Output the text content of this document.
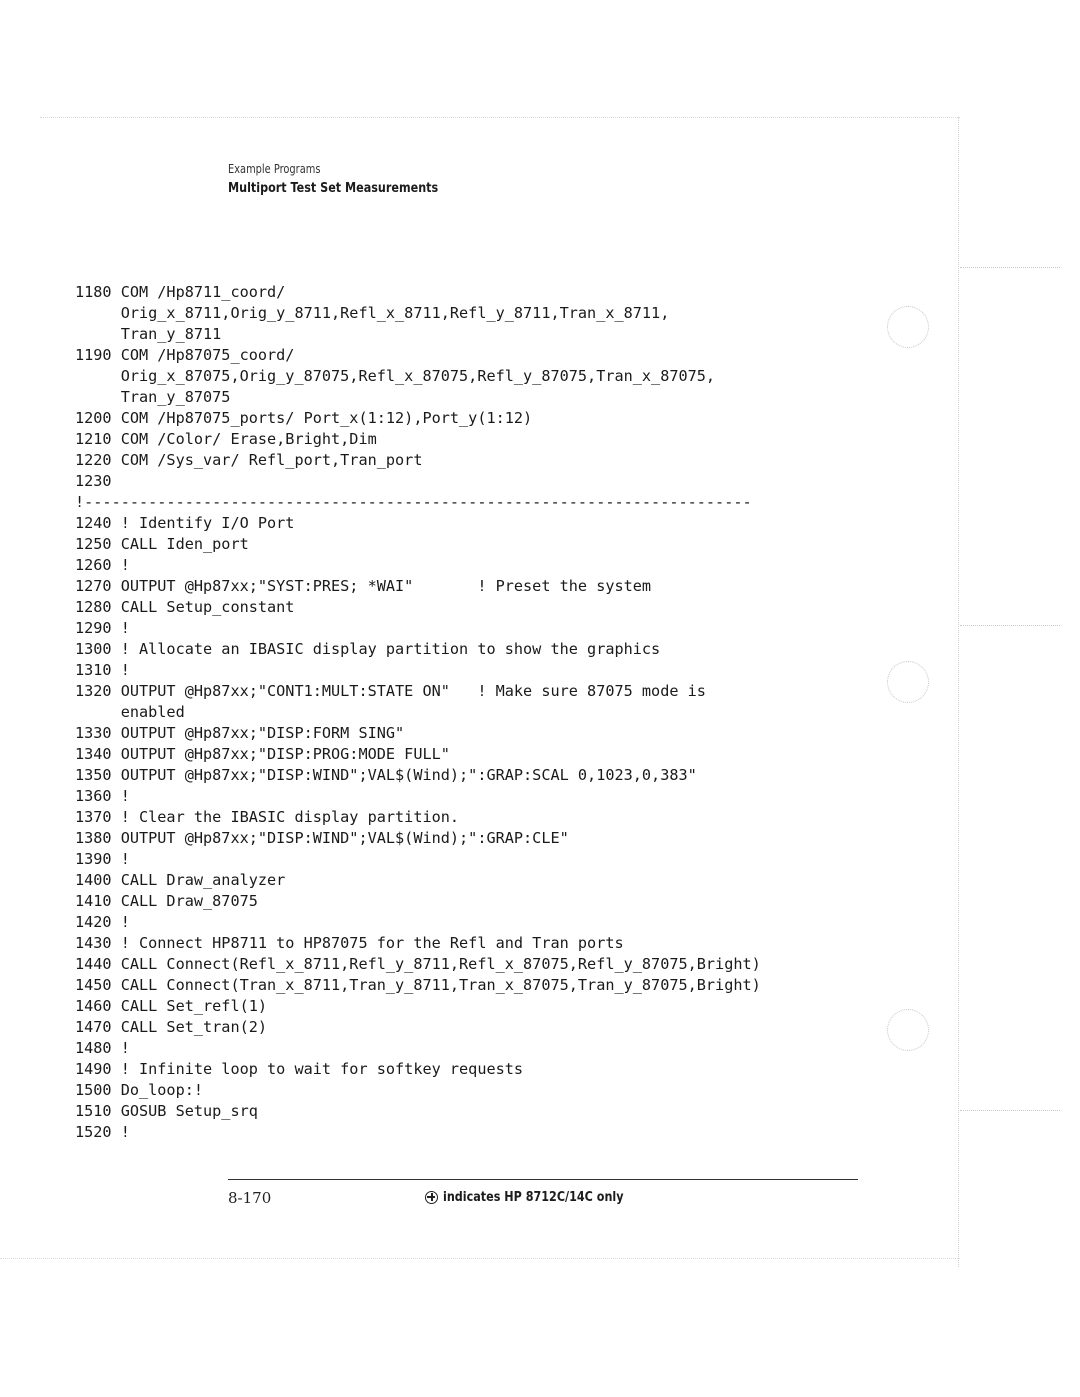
Example Programs
Multiport Test Set Measurements
1180 COM /Hp8711_coord/
Orig_x_8711,Orig_y_8711,Refl_x_8711,Refl_y_8711,Tran_x_8711,
Tran_y_8711
1190 COM /Hp87075_coord/
Orig_x_87075,Orig_y_87075,Refl_x_87075,Refl_y_87075,Tran_x_87075,
Tran_y_87075
1200 COM /Hp87075_ports/ Port_x(1:12),Port_y(1:12)
1210 COM /Color/ Erase,Bright,Dim
1220 COM /Sys_var/ Refl_port,Tran_port
1230
!-------------------------------------------------------------------------
1240 ! Identify I/O Port
1250 CALL Iden_port
1260 !
1270 OUTPUT @Hp87xx;"SYST:PRES; *WAI"       ! Preset the system
1280 CALL Setup_constant
1290 !
1300 ! Allocate an IBASIC display partition to show the graphics
1310 !
1320 OUTPUT @Hp87xx;"CONT1:MULT:STATE ON"   ! Make sure 87075 mode is
enabled
1330 OUTPUT @Hp87xx;"DISP:FORM SING"
1340 OUTPUT @Hp87xx;"DISP:PROG:MODE FULL"
1350 OUTPUT @Hp87xx;"DISP:WIND";VAL$(Wind);":GRAP:SCAL 0,1023,0,383"
1360 !
1370 ! Clear the IBASIC display partition.
1380 OUTPUT @Hp87xx;"DISP:WIND";VAL$(Wind);":GRAP:CLE"
1390 !
1400 CALL Draw_analyzer
1410 CALL Draw_87075
1420 !
1430 ! Connect HP8711 to HP87075 for the Refl and Tran ports
1440 CALL Connect(Refl_x_8711,Refl_y_8711,Refl_x_87075,Refl_y_87075,Bright)
1450 CALL Connect(Tran_x_8711,Tran_y_8711,Tran_x_87075,Tran_y_87075,Bright)
1460 CALL Set_refl(1)
1470 CALL Set_tran(2)
1480 !
1490 ! Infinite loop to wait for softkey requests
1500 Do_loop:!
1510 GOSUB Setup_srq
1520 !
8-170	indicates HP 8712C/14C only
